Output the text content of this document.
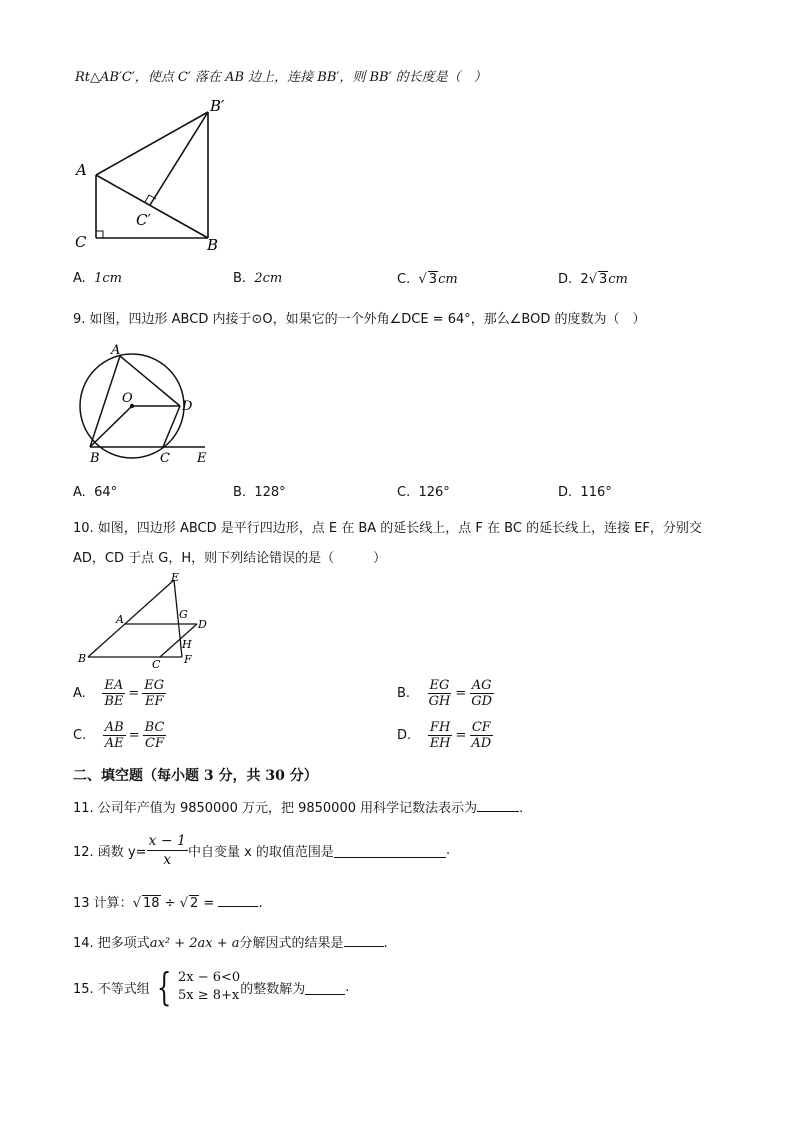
Rt△AB′C′，使点 C′ 落在 AB 边上，连接 BB′，则 BB′ 的长度是（　）
B′
A
C′
C	B
A. 1cm	B. 2cm	C. √ 3cm	D. 2√ 3cm
9. 如图，四边形 ABCD 内接于⊙O，如果它的一个外角∠DCE = 64°，那么∠BOD 的度数为（　）
A
O
D
B	C E
A. 64°	B. 128°	C. 126°	D. 116°
10. 如图，四边形 ABCD 是平行四边形，点 E 在 BA 的延长线上，点 F 在 BC 的延长线上，连接 EF，分别交
AD，CD 于点 G，H，则下列结论错误的是（　　　）
E
A	G
D
H
B	C F
A. $\frac{EA}{BE} = \frac{EG}{EF}$	B. $\frac{EG}{GH} = \frac{AG}{GD}$
C. $\frac{AB}{AE} = \frac{BC}{CF}$	D. $\frac{FH}{EH} = \frac{CF}{AD}$
二、填空题（每小题 3 分，共 30 分）
11. 公司年产值为 9850000 万元，把 9850000 用科学记数法表示为	.
12. 函数 $y= \frac{x - 1}{x}$ 中自变量 x 的取值范围是	.
13 计算：√ 18 ÷ √ 2 =	.
14. 把多项式ax² + 2ax + a分解因式的结果是	.
15. 不等式组 { 2x − 6<0
5x ≥ 8+x 的整数解为	.
